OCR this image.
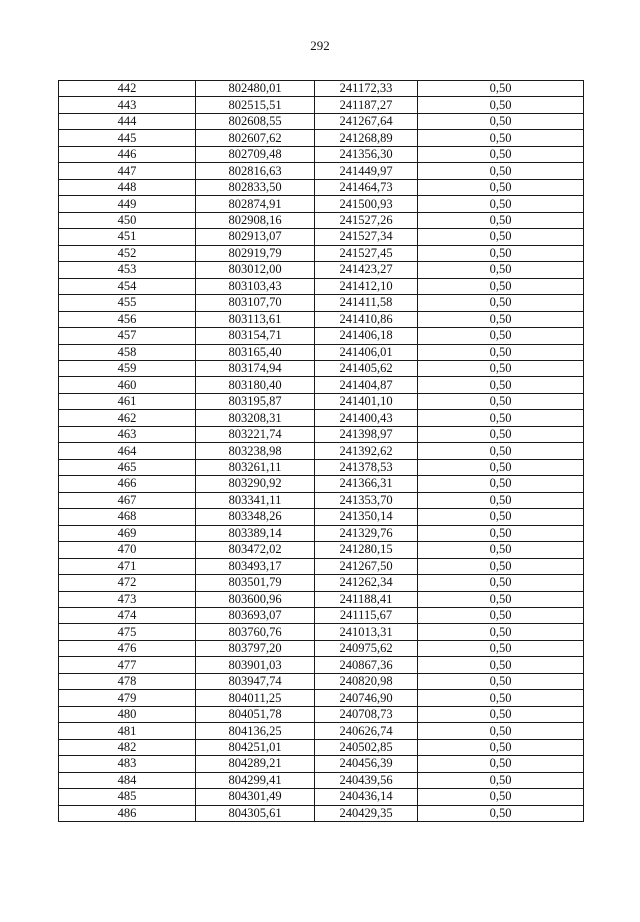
292
442	802480,01	241172,33	0,50
443	802515,51	241187,27	0,50
444	802608,55	241267,64	0,50
445	802607,62	241268,89	0,50
446	802709,48	241356,30	0,50
447	802816,63	241449,97	0,50
448	802833,50	241464,73	0,50
449	802874,91	241500,93	0,50
450	802908,16	241527,26	0,50
451	802913,07	241527,34	0,50
452	802919,79	241527,45	0,50
453	803012,00	241423,27	0,50
454	803103,43	241412,10	0,50
455	803107,70	241411,58	0,50
456	803113,61	241410,86	0,50
457	803154,71	241406,18	0,50
458	803165,40	241406,01	0,50
459	803174,94	241405,62	0,50
460	803180,40	241404,87	0,50
461	803195,87	241401,10	0,50
462	803208,31	241400,43	0,50
463	803221,74	241398,97	0,50
464	803238,98	241392,62	0,50
465	803261,11	241378,53	0,50
466	803290,92	241366,31	0,50
467	803341,11	241353,70	0,50
468	803348,26	241350,14	0,50
469	803389,14	241329,76	0,50
470	803472,02	241280,15	0,50
471	803493,17	241267,50	0,50
472	803501,79	241262,34	0,50
473	803600,96	241188,41	0,50
474	803693,07	241115,67	0,50
475	803760,76	241013,31	0,50
476	803797,20	240975,62	0,50
477	803901,03	240867,36	0,50
478	803947,74	240820,98	0,50
479	804011,25	240746,90	0,50
480	804051,78	240708,73	0,50
481	804136,25	240626,74	0,50
482	804251,01	240502,85	0,50
483	804289,21	240456,39	0,50
484	804299,41	240439,56	0,50
485	804301,49	240436,14	0,50
486	804305,61	240429,35	0,50
